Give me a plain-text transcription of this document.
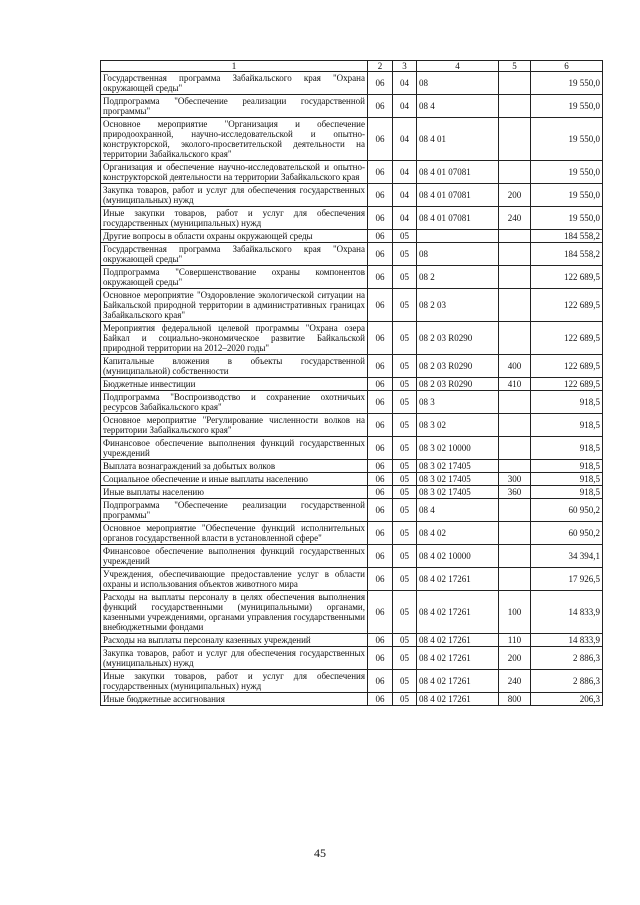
1	2	3	4	5	6
Государственная программа Забайкальского края "Охрана окружающей среды"	06	04	08		19 550,0
Подпрограмма "Обеспечение реализации государственной программы"	06	04	08 4		19 550,0
Основное мероприятие "Организация и обеспечение природоохранной, научно-исследовательской и опытно-конструкторской, эколого-просветительской деятельности на территории Забайкальского края"	06	04	08 4 01		19 550,0
Организация и обеспечение научно-исследовательской и опытно-конструкторской деятельности на территории Забайкальского края	06	04	08 4 01 07081		19 550,0
Закупка товаров, работ и услуг для обеспечения государственных (муниципальных) нужд	06	04	08 4 01 07081	200	19 550,0
Иные закупки товаров, работ и услуг для обеспечения государственных (муниципальных) нужд	06	04	08 4 01 07081	240	19 550,0
Другие вопросы в области охраны окружающей среды	06	05			184 558,2
Государственная программа Забайкальского края "Охрана окружающей среды"	06	05	08		184 558,2
Подпрограмма "Совершенствование охраны компонентов окружающей среды"	06	05	08 2		122 689,5
Основное мероприятие "Оздоровление экологической ситуации на Байкальской природной территории в административных границах Забайкальского края"	06	05	08 2 03		122 689,5
Мероприятия федеральной целевой программы "Охрана озера Байкал и социально-экономическое развитие Байкальской природной территории на 2012–2020 годы"	06	05	08 2 03 R0290		122 689,5
Капитальные вложения в объекты государственной (муниципальной) собственности	06	05	08 2 03 R0290	400	122 689,5
Бюджетные инвестиции	06	05	08 2 03 R0290	410	122 689,5
Подпрограмма "Воспроизводство и сохранение охотничьих ресурсов Забайкальского края"	06	05	08 3		918,5
Основное мероприятие "Регулирование численности волков на территории Забайкальского края"	06	05	08 3 02		918,5
Финансовое обеспечение выполнения функций государственных учреждений	06	05	08 3 02 10000		918,5
Выплата вознаграждений за добытых волков	06	05	08 3 02 17405		918,5
Социальное обеспечение и иные выплаты населению	06	05	08 3 02 17405	300	918,5
Иные выплаты населению	06	05	08 3 02 17405	360	918,5
Подпрограмма "Обеспечение реализации государственной программы"	06	05	08 4		60 950,2
Основное мероприятие "Обеспечение функций исполнительных органов государственной власти в установленной сфере"	06	05	08 4 02		60 950,2
Финансовое обеспечение выполнения функций государственных учреждений	06	05	08 4 02 10000		34 394,1
Учреждения, обеспечивающие предоставление услуг в области охраны и использования объектов животного мира	06	05	08 4 02 17261		17 926,5
Расходы на выплаты персоналу в целях обеспечения выполнения функций государственными (муниципальными) органами, казенными учреждениями, органами управления государственными внебюджетными фондами	06	05	08 4 02 17261	100	14 833,9
Расходы на выплаты персоналу казенных учреждений	06	05	08 4 02 17261	110	14 833,9
Закупка товаров, работ и услуг для обеспечения государственных (муниципальных) нужд	06	05	08 4 02 17261	200	2 886,3
Иные закупки товаров, работ и услуг для обеспечения государственных (муниципальных) нужд	06	05	08 4 02 17261	240	2 886,3
Иные бюджетные ассигнования	06	05	08 4 02 17261	800	206,3
45
